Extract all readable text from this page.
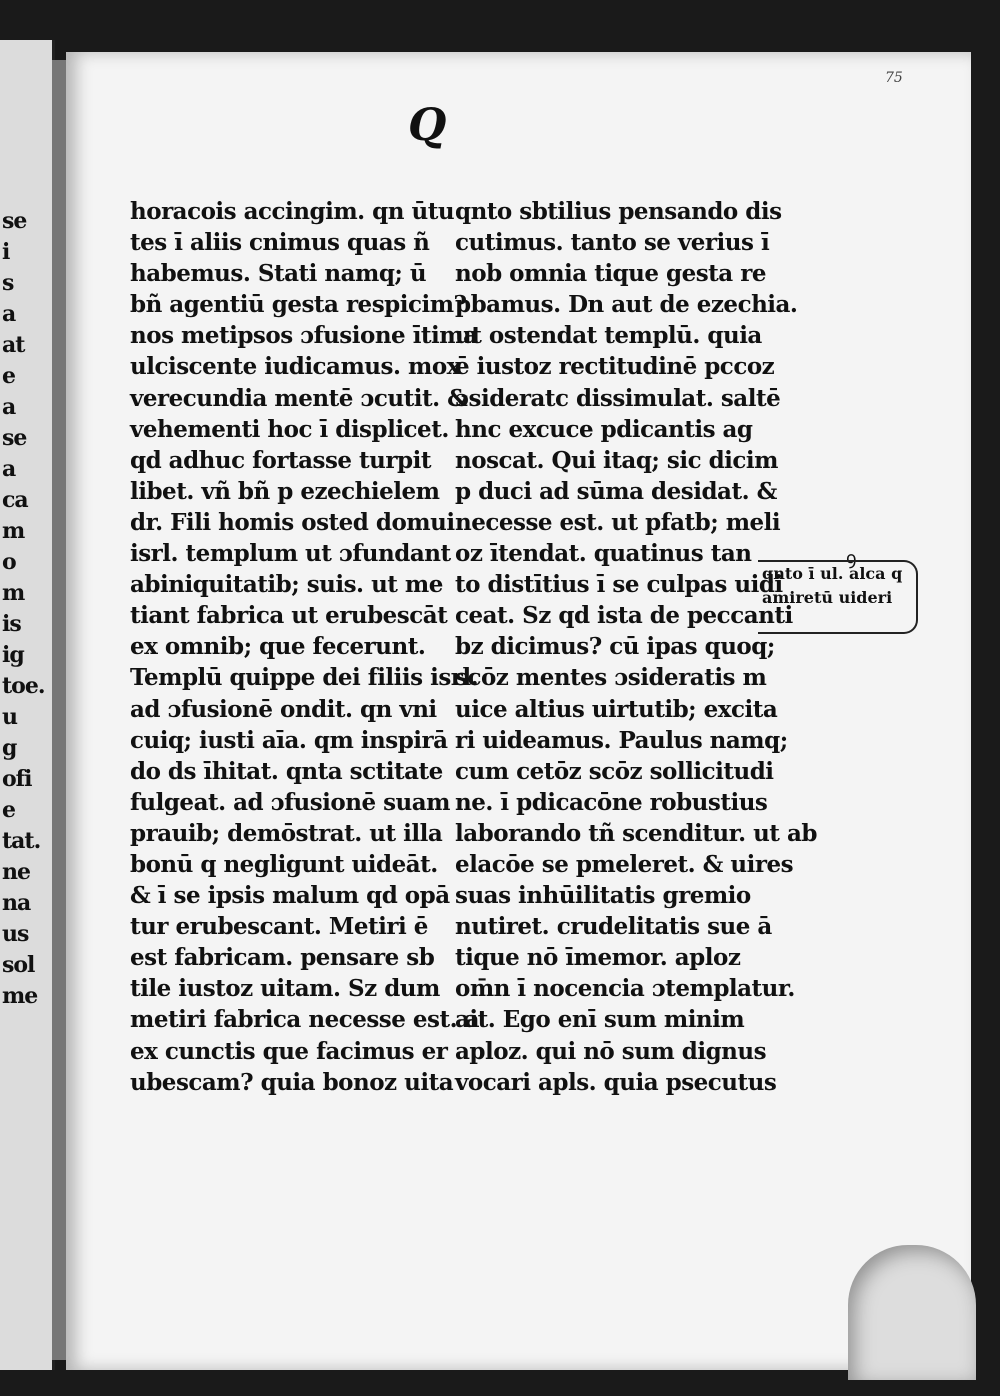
se
i
s
a
at
e
a
se
a
ca
m
o
m
is
ig
toe.
u
g
ofi
e
tat.
ne
na
us
sol
me
75
Q
horacois accingim. qn ūtu
tes ī aliis cnimus quas ñ
habemus. Stati namq; ū
bñ agentiū gesta respicim?
nos metipsos ɔfusione ītima
ulciscente iudicamus. mox
verecundia mentē ɔcutit. &
vehementi hoc ī displicet.
qd adhuc fortasse turpit
libet. vñ bñ p ezechielem
dr. Fili homis osted domui
isrl. templum ut ɔfundant
abiniquitatib; suis. ut me
tiant fabrica ut erubescāt
ex omnib; que fecerunt.
Templū quippe dei filiis isrl.
ad ɔfusionē ondit. qn vni
cuiq; iusti aīa. qm inspirā
do ds īhitat. qnta sctitate
fulgeat. ad ɔfusionē suam
prauib; demōstrat. ut illa
bonū q negligunt uideāt.
& ī se ipsis malum qd opā
tur erubescant. Metiri ē
est fabricam. pensare sb
tile iustoz uitam. Sz dum
metiri fabrica necesse est. a
ex cunctis que facimus er
ubescam? quia bonoz uita
qnto sbtilius pensando dis
cutimus. tanto se verius ī
nob omnia tique gesta re
pbamus. Dn aut de ezechia.
ut ostendat templū. quia
ē iustoz rectitudinē pccoz
ɔsideratc dissimulat. saltē
hnc excuce pdicantis ag
noscat. Qui itaq; sic dicim
p duci ad sūma desidat. &
necesse est. ut pfatb; meli
oz ītendat. quatinus tan
to distītius ī se culpas uidi
ceat. Sz qd ista de peccanti
bz dicimus? cū ipas quoq;
scōz mentes ɔsideratis m
uice altius uirtutib; excita
ri uideamus. Paulus namq;
cum cetōz scōz sollicitudi
ne. ī pdicacōne robustius
laborando tñ scenditur. ut ab
elacōe se pmeleret. & uires
suas inhūilitatis gremio
nutiret. crudelitatis sue ā
tique nō īmemor. aploz
om̄n ī nocencia ɔtemplatur.
ait. Ego enī sum minim
aploz. qui nō sum dignus
vocari apls. quia psecutus
ꝯ
qnto ī ul. alca q
amiretū uideri
